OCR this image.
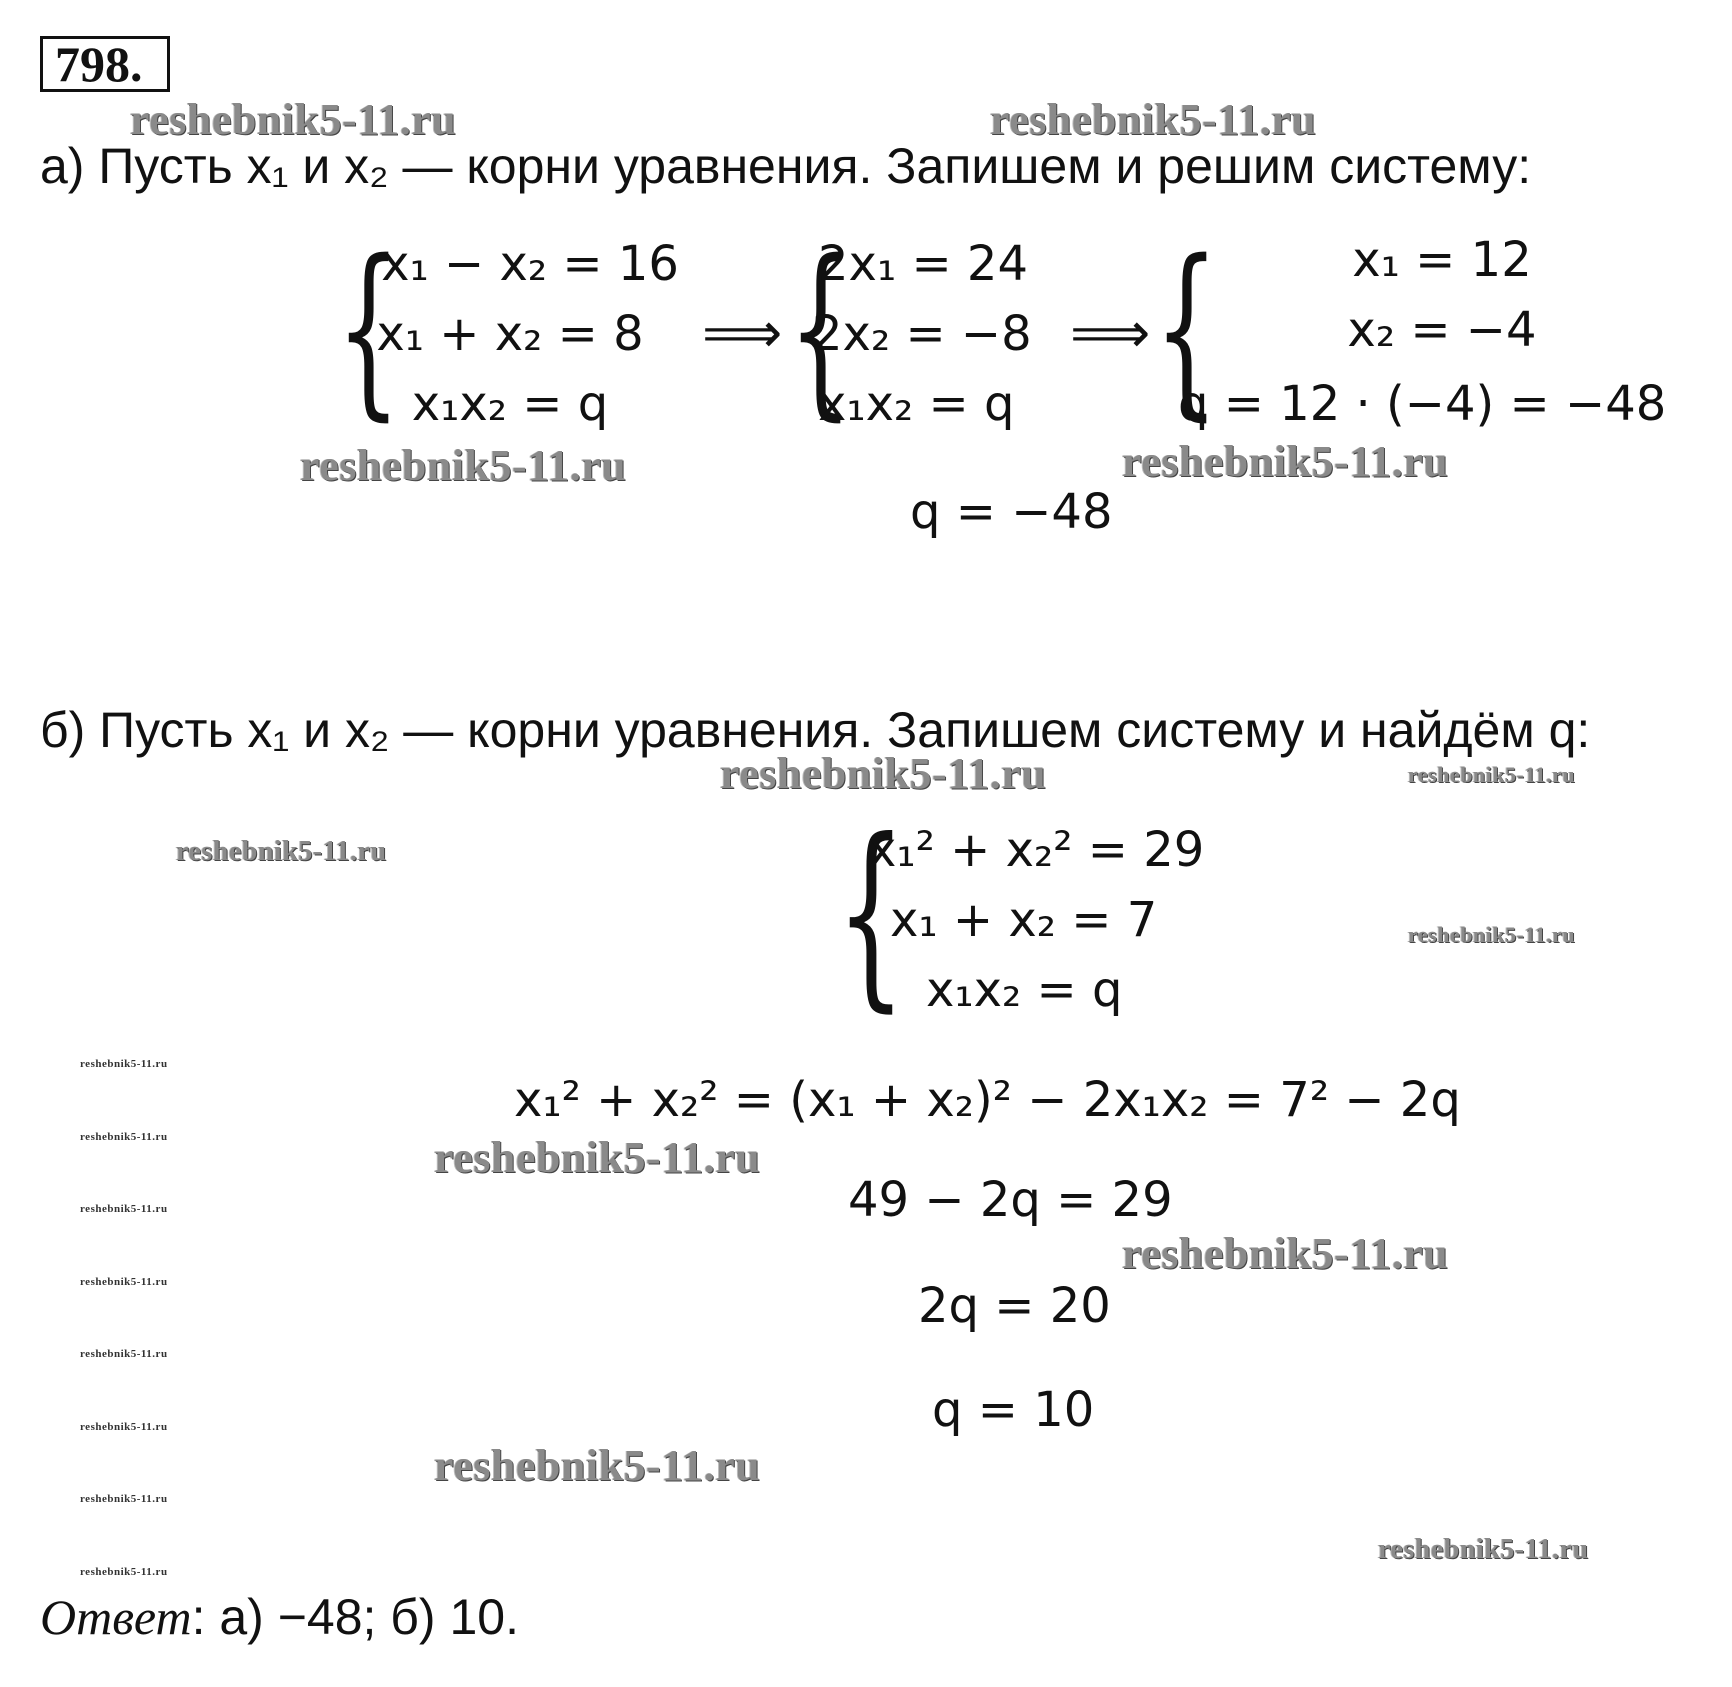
798.
reshebnik5-11.ru	reshebnik5-11.ru
reshebnik5-11.ru	reshebnik5-11.ru
reshebnik5-11.ru	reshebnik5-11.ru
reshebnik5-11.ru
reshebnik5-11.ru
reshebnik5-11.ru
reshebnik5-11.ru
reshebnik5-11.ru
reshebnik5-11.ru
reshebnik5-11.ru
reshebnik5-11.ru
reshebnik5-11.ru
reshebnik5-11.ru
reshebnik5-11.ru
reshebnik5-11.ru
reshebnik5-11.ru
reshebnik5-11.ru
а) Пусть x₁ и x₂ — корни уравнения. Запишем и решим систему:
{
x₁ − x₂ = 16
x₁ + x₂ = 8
x₁x₂ = q
⟹ {
2x₁ = 24
2x₂ = −8
x₁x₂ = q
⟹ {	x₁ = 12
x₂ = −4
q = 12 · (−4) = −48
q = −48
б) Пусть x₁ и x₂ — корни уравнения. Запишем систему и найдём q:
{
x₁² + x₂² = 29
x₁ + x₂ = 7
x₁x₂ = q
x₁² + x₂² = (x₁ + x₂)² − 2x₁x₂ = 7² − 2q
49 − 2q = 29
2q = 20
q = 10
Ответ: а) −48; б) 10.
